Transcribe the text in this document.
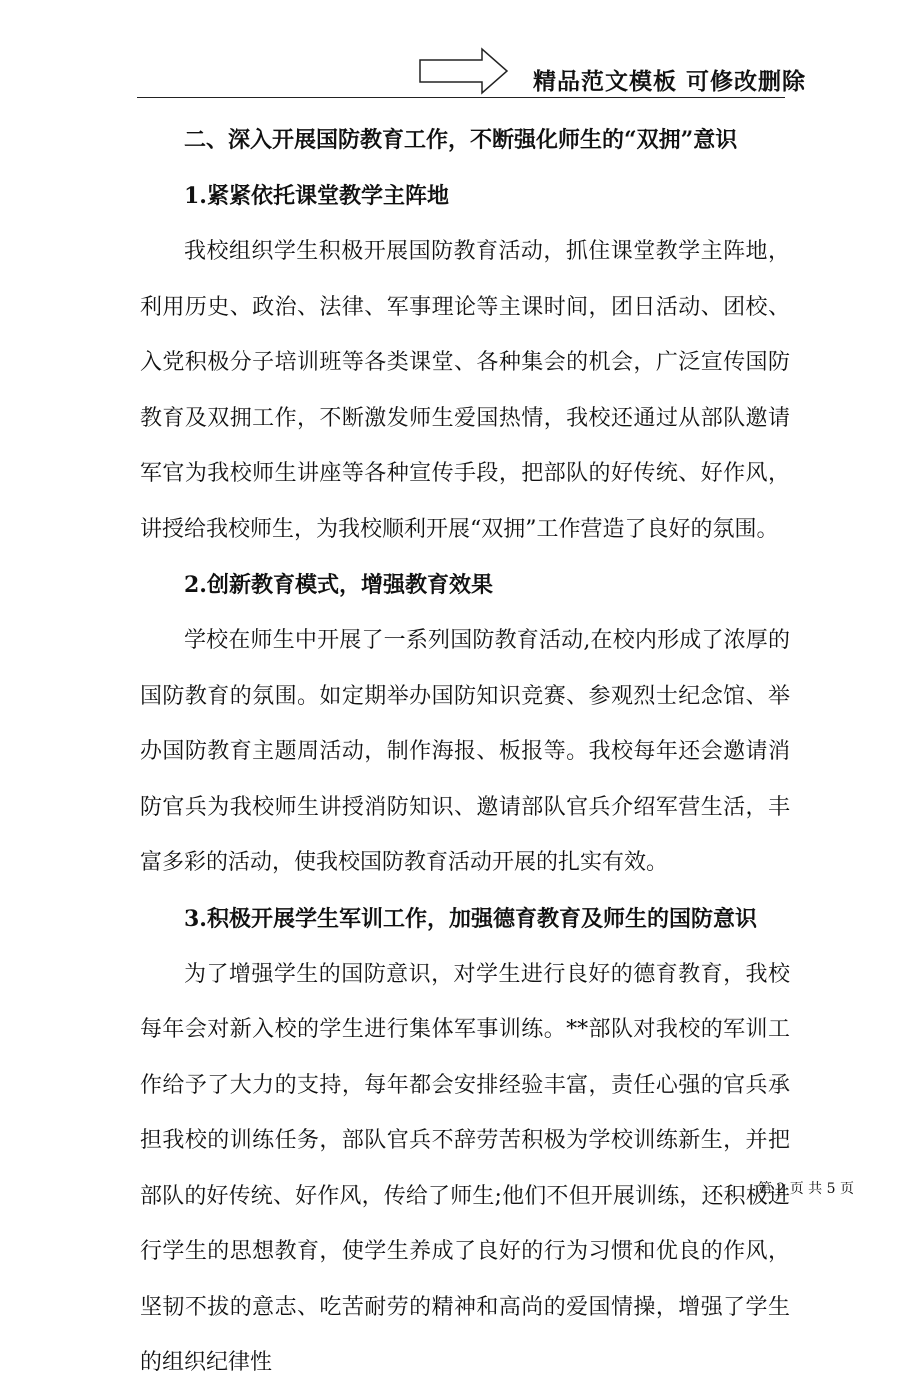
精品范文模板 可修改删除
二、深入开展国防教育工作，不断强化师生的“双拥”意识
1.紧紧依托课堂教学主阵地

我校组织学生积极开展国防教育活动，抓住课堂教学主阵地，利用历史、政治、法律、军事理论等主课时间，团日活动、团校、入党积极分子培训班等各类课堂、各种集会的机会，广泛宣传国防教育及双拥工作，不断激发师生爱国热情，我校还通过从部队邀请军官为我校师生讲座等各种宣传手段，把部队的好传统、好作风，讲授给我校师生，为我校顺利开展“双拥”工作营造了良好的氛围。

2.创新教育模式，增强教育效果

学校在师生中开展了一系列国防教育活动,在校内形成了浓厚的国防教育的氛围。如定期举办国防知识竞赛、参观烈士纪念馆、举办国防教育主题周活动，制作海报、板报等。我校每年还会邀请消防官兵为我校师生讲授消防知识、邀请部队官兵介绍军营生活，丰富多彩的活动，使我校国防教育活动开展的扎实有效。

3.积极开展学生军训工作，加强德育教育及师生的国防意识

为了增强学生的国防意识，对学生进行良好的德育教育，我校每年会对新入校的学生进行集体军事训练。**部队对我校的军训工作给予了大力的支持，每年都会安排经验丰富，责任心强的官兵承担我校的训练任务，部队官兵不辞劳苦积极为学校训练新生，并把部队的好传统、好作风，传给了师生;他们不但开展训练，还积极进行学生的思想教育，使学生养成了良好的行为习惯和优良的作风，坚韧不拔的意志、吃苦耐劳的精神和高尚的爱国情操，增强了学生的组织纪律性

第 2 页 共 5 页
